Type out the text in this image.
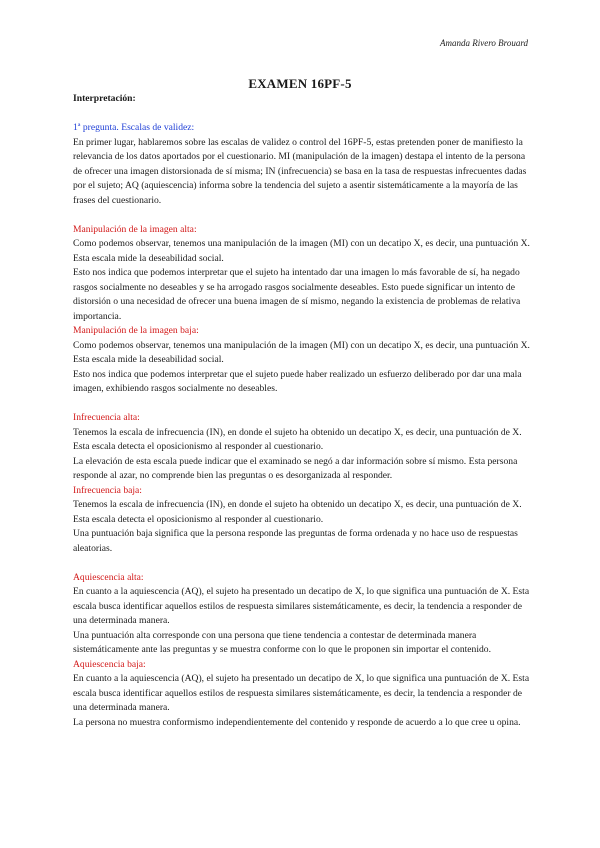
Amanda Rivero Brouard
EXAMEN 16PF-5

Interpretación:

1ª pregunta. Escalas de validez:

En primer lugar, hablaremos sobre las escalas de validez o control del 16PF-5, estas pretenden poner de manifiesto la relevancia de los datos aportados por el cuestionario. MI (manipulación de la imagen) destapa el intento de la persona de ofrecer una imagen distorsionada de sí misma; IN (infrecuencia) se basa en la tasa de respuestas infrecuentes dadas por el sujeto; AQ (aquiescencia) informa sobre la tendencia del sujeto a asentir sistemáticamente a la mayoría de las frases del cuestionario.

Manipulación de la imagen alta:

Como podemos observar, tenemos una manipulación de la imagen (MI) con un decatipo X, es decir, una puntuación X. Esta escala mide la deseabilidad social.

Esto nos indica que podemos interpretar que el sujeto ha intentado dar una imagen lo más favorable de sí, ha negado rasgos socialmente no deseables y se ha arrogado rasgos socialmente deseables. Esto puede significar un intento de distorsión o una necesidad de ofrecer una buena imagen de sí mismo, negando la existencia de problemas de relativa importancia.

Manipulación de la imagen baja:

Como podemos observar, tenemos una manipulación de la imagen (MI) con un decatipo X, es decir, una puntuación X. Esta escala mide la deseabilidad social.

Esto nos indica que podemos interpretar que el sujeto puede haber realizado un esfuerzo deliberado por dar una mala imagen, exhibiendo rasgos socialmente no deseables.

Infrecuencia alta:

Tenemos la escala de infrecuencia (IN), en donde el sujeto ha obtenido un decatipo X, es decir, una puntuación de X. Esta escala detecta el oposicionismo al responder al cuestionario.

La elevación de esta escala puede indicar que el examinado se negó a dar información sobre sí mismo. Esta persona responde al azar, no comprende bien las preguntas o es desorganizada al responder.

Infrecuencia baja:

Tenemos la escala de infrecuencia (IN), en donde el sujeto ha obtenido un decatipo X, es decir, una puntuación de X. Esta escala detecta el oposicionismo al responder al cuestionario.

Una puntuación baja significa que la persona responde las preguntas de forma ordenada y no hace uso de respuestas aleatorias.

Aquiescencia alta:

En cuanto a la aquiescencia (AQ), el sujeto ha presentado un decatipo de X, lo que significa una puntuación de X. Esta escala busca identificar aquellos estilos de respuesta similares sistemáticamente, es decir, la tendencia a responder de una determinada manera.

Una puntuación alta corresponde con una persona que tiene tendencia a contestar de determinada manera sistemáticamente ante las preguntas y se muestra conforme con lo que le proponen sin importar el contenido.

Aquiescencia baja:

En cuanto a la aquiescencia (AQ), el sujeto ha presentado un decatipo de X, lo que significa una puntuación de X. Esta escala busca identificar aquellos estilos de respuesta similares sistemáticamente, es decir, la tendencia a responder de una determinada manera.

La persona no muestra conformismo independientemente del contenido y responde de acuerdo a lo que cree u opina.
